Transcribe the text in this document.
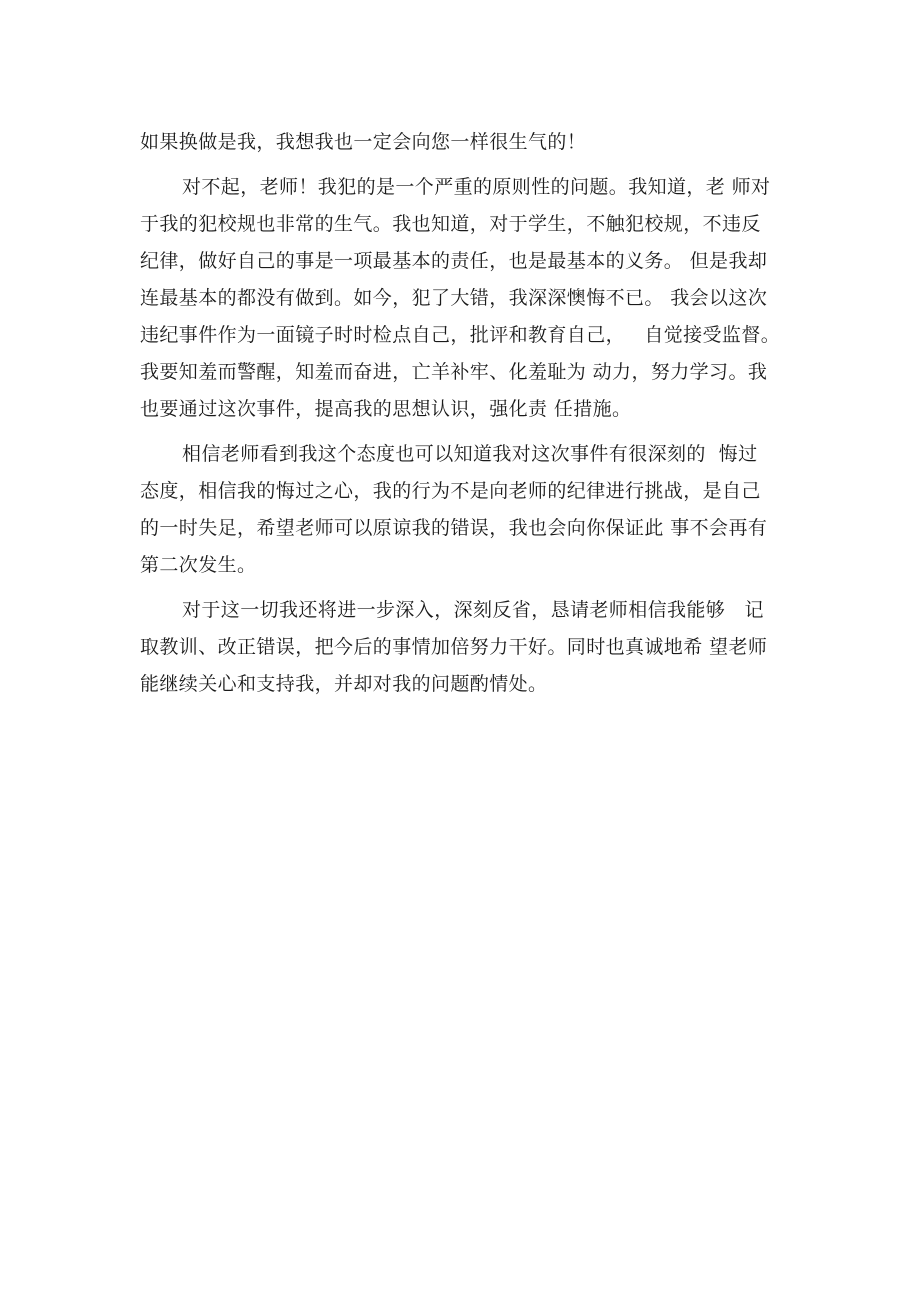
如果换做是我，我想我也一定会向您一样很生气的！
对不起，老师！我犯的是一个严重的原则性的问题。我知道，老 师对
于我的犯校规也非常的生气。我也知道，对于学生，不触犯校规，不违反
纪律，做好自己的事是一项最基本的责任，也是最基本的义务。 但是我却
连最基本的都没有做到。如今，犯了大错，我深深懊悔不已。 我会以这次
违纪事件作为一面镜子时时检点自己，批评和教育自己，   自觉接受监督。
我要知羞而警醒，知羞而奋进，亡羊补牢、化羞耻为 动力，努力学习。我
也要通过这次事件，提高我的思想认识，强化责 任措施。
相信老师看到我这个态度也可以知道我对这次事件有很深刻的  悔过
态度，相信我的悔过之心，我的行为不是向老师的纪律进行挑战，是自己
的一时失足，希望老师可以原谅我的错误，我也会向你保证此 事不会再有
第二次发生。
对于这一切我还将进一步深入，深刻反省，恳请老师相信我能够   记
取教训、改正错误，把今后的事情加倍努力干好。同时也真诚地希 望老师
能继续关心和支持我，并却对我的问题酌情处。
